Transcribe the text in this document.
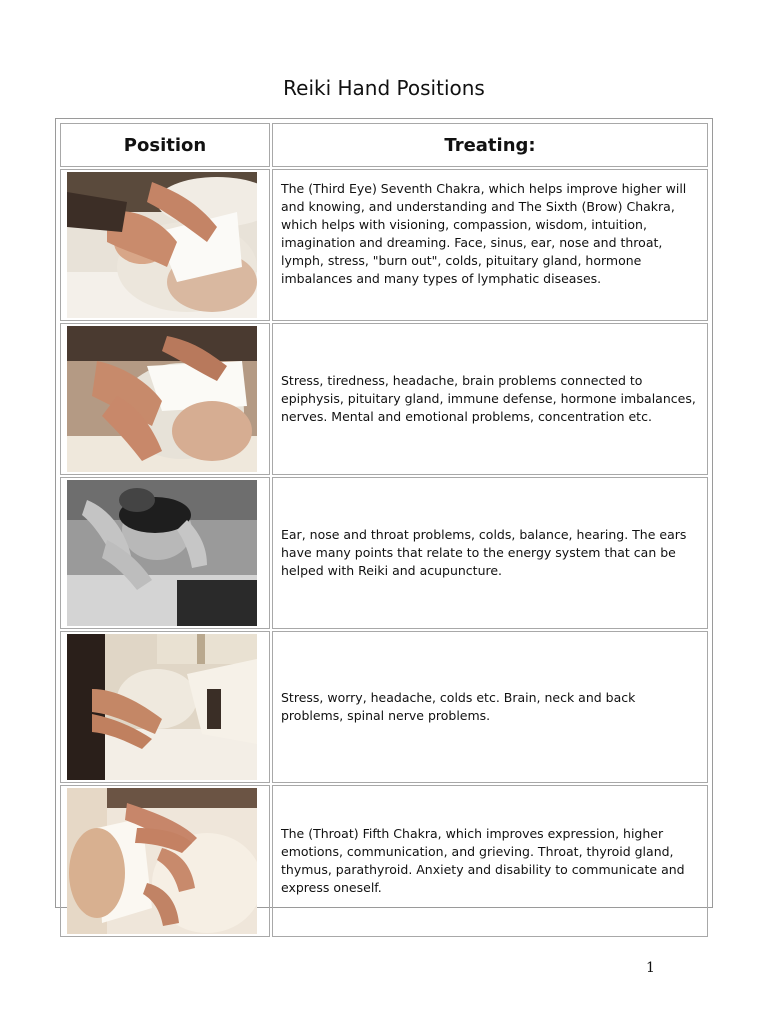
Reiki Hand Positions
Position	Treating:

	The (Third Eye) Seventh Chakra, which helps improve higher will and knowing, and understanding and The Sixth (Brow) Chakra, which helps with visioning, compassion, wisdom, intuition, imagination and dreaming. Face, sinus, ear, nose and throat, lymph, stress, "burn out", colds, pituitary gland, hormone imbalances and many types of lymphatic diseases.

	Stress, tiredness, headache, brain problems connected to epiphysis, pituitary gland, immune defense, hormone imbalances, nerves. Mental and emotional problems, concentration etc.

	Ear, nose and throat problems, colds, balance, hearing. The ears have many points that relate to the energy system that can be helped with Reiki and acupuncture.

	Stress, worry, headache, colds etc. Brain, neck and back problems, spinal nerve problems.

	The (Throat) Fifth Chakra, which improves expression, higher emotions, communication, and grieving. Throat, thyroid gland, thymus, parathyroid. Anxiety and disability to communicate and express oneself.
1
